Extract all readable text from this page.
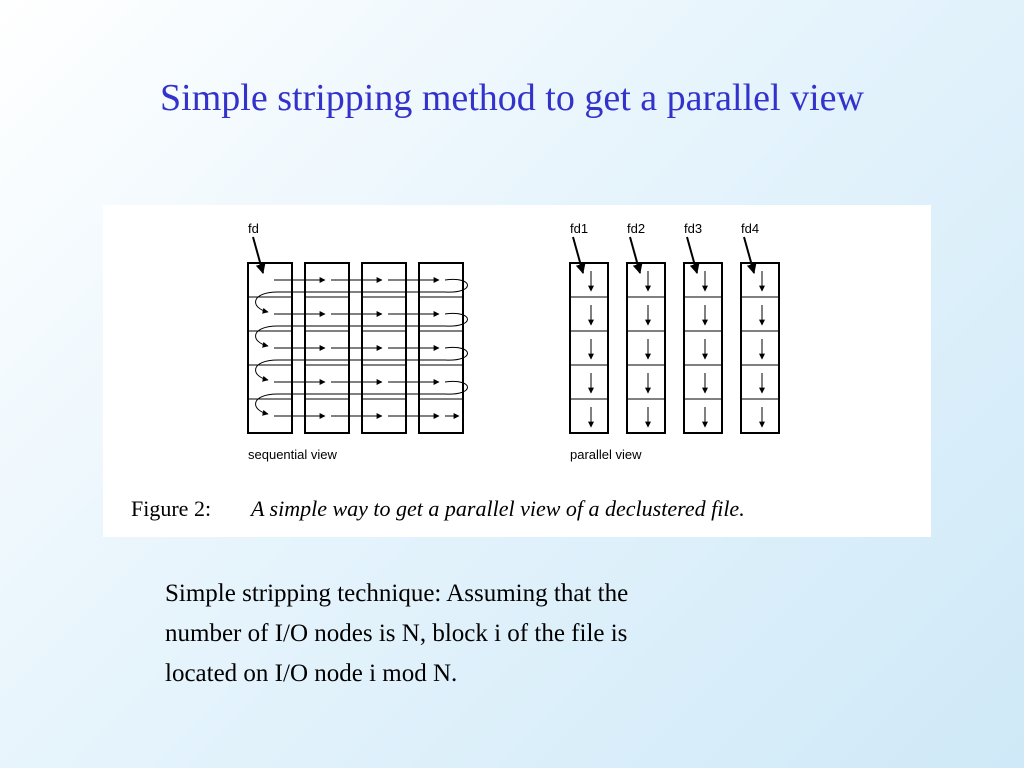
Simple stripping method to get a parallel view
fd
sequential view
fd1	fd2	fd3	fd4
parallel view
Figure 2: A simple way to get a parallel view of a declustered file.

Simple stripping technique: Assuming that the
number of I/O nodes is N, block i of the file is
located on I/O node i mod N.
